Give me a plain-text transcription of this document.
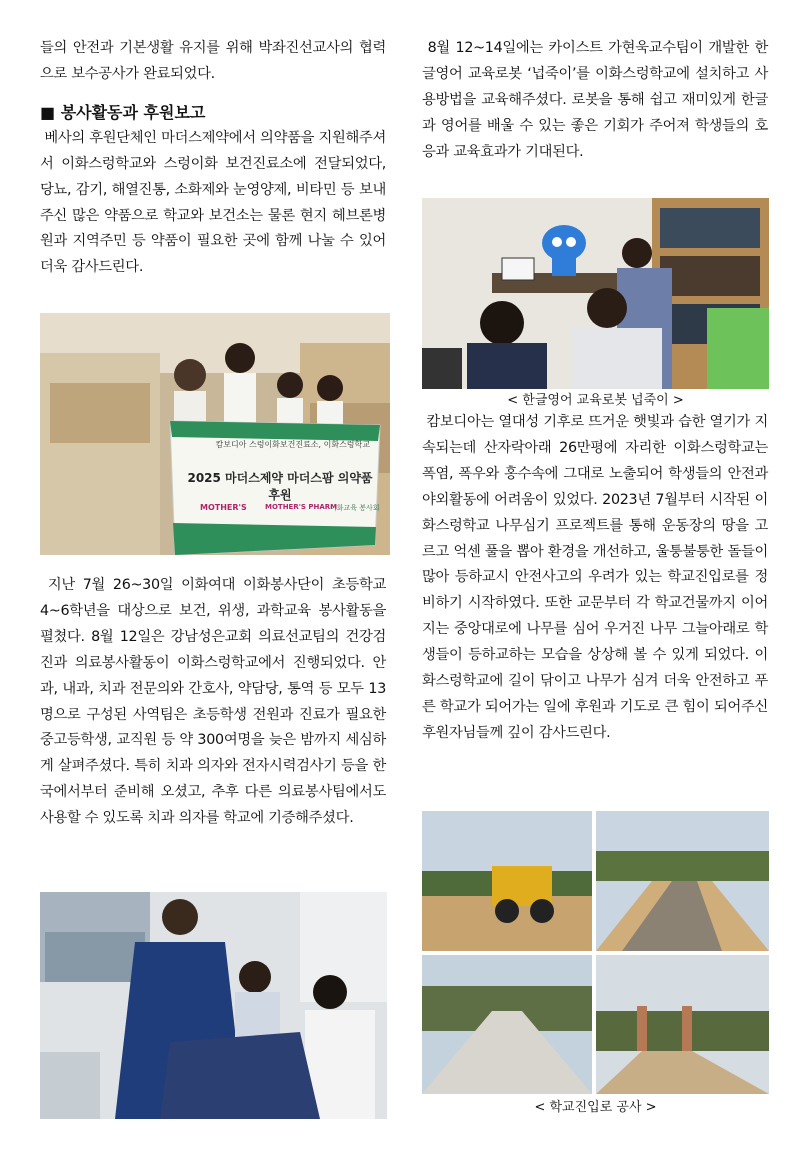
들의 안전과 기본생활 유지를 위해 박좌진선교사의 협력으로 보수공사가 완료되었다.

■ 봉사활동과 후원보고

베사의 후원단체인 마더스제약에서 의약품을 지원해주셔서 이화스렁학교와 스렁이화 보건진료소에 전달되었다, 당뇨, 감기, 해열진통, 소화제와 눈영양제, 비타민 등 보내주신 많은 약품으로 학교와 보건소는 물론 현지 헤브론병원과 지역주민 등 약품이 필요한 곳에 함께 나눌 수 있어 더욱 감사드린다.

캄보디아 스렁이화보건진료소, 이화스렁학교
2025 마더스제약 마더스팜 의약품 후원
MOTHER'S	MOTHER'S PHARM
이화교육 봉사회

지난 7월 26~30일 이화여대 이화봉사단이 초등학교 4~6학년을 대상으로 보건, 위생, 과학교육 봉사활동을 펼쳤다. 8월 12일은 강남성은교회 의료선교팀의 건강검진과 의료봉사활동이 이화스렁학교에서 진행되었다. 안과, 내과, 치과 전문의와 간호사, 약담당, 통역 등 모두 13명으로 구성된 사역팀은 초등학생 전원과 진료가 필요한 중고등학생, 교직원 등 약 300여명을 늦은 밤까지 세심하게 살펴주셨다. 특히 치과 의자와 전자시력검사기 등을 한국에서부터 준비해 오셨고, 추후 다른 의료봉사팀에서도 사용할 수 있도록 치과 의자를 학교에 기증해주셨다.

8월 12~14일에는 카이스트 가현욱교수팀이 개발한 한글영어 교육로봇 ‘넙죽이’를 이화스렁학교에 설치하고 사용방법을 교육해주셨다. 로봇을 통해 쉽고 재미있게 한글과 영어를 배울 수 있는 좋은 기회가 주어져 학생들의 호응과 교육효과가 기대된다.

< 한글영어 교육로봇 넙죽이 >

캄보디아는 열대성 기후로 뜨거운 햇빛과 습한 열기가 지속되는데 산자락아래 26만평에 자리한 이화스렁학교는 폭염, 폭우와 홍수속에 그대로 노출되어 학생들의 안전과 야외활동에 어려움이 있었다. 2023년 7월부터 시작된 이화스렁학교 나무심기 프로젝트를 통해 운동장의 땅을 고르고 억센 풀을 뽑아 환경을 개선하고, 울퉁불퉁한 돌들이 많아 등하교시 안전사고의 우려가 있는 학교진입로를 정비하기 시작하였다. 또한 교문부터 각 학교건물까지 이어지는 중앙대로에 나무를 심어 우거진 나무 그늘아래로 학생들이 등하교하는 모습을 상상해 볼 수 있게 되었다. 이화스렁학교에 길이 닦이고 나무가 심겨 더욱 안전하고 푸른 학교가 되어가는 일에 후원과 기도로 큰 힘이 되어주신 후원자님들께 깊이 감사드린다.

< 학교진입로 공사 >
